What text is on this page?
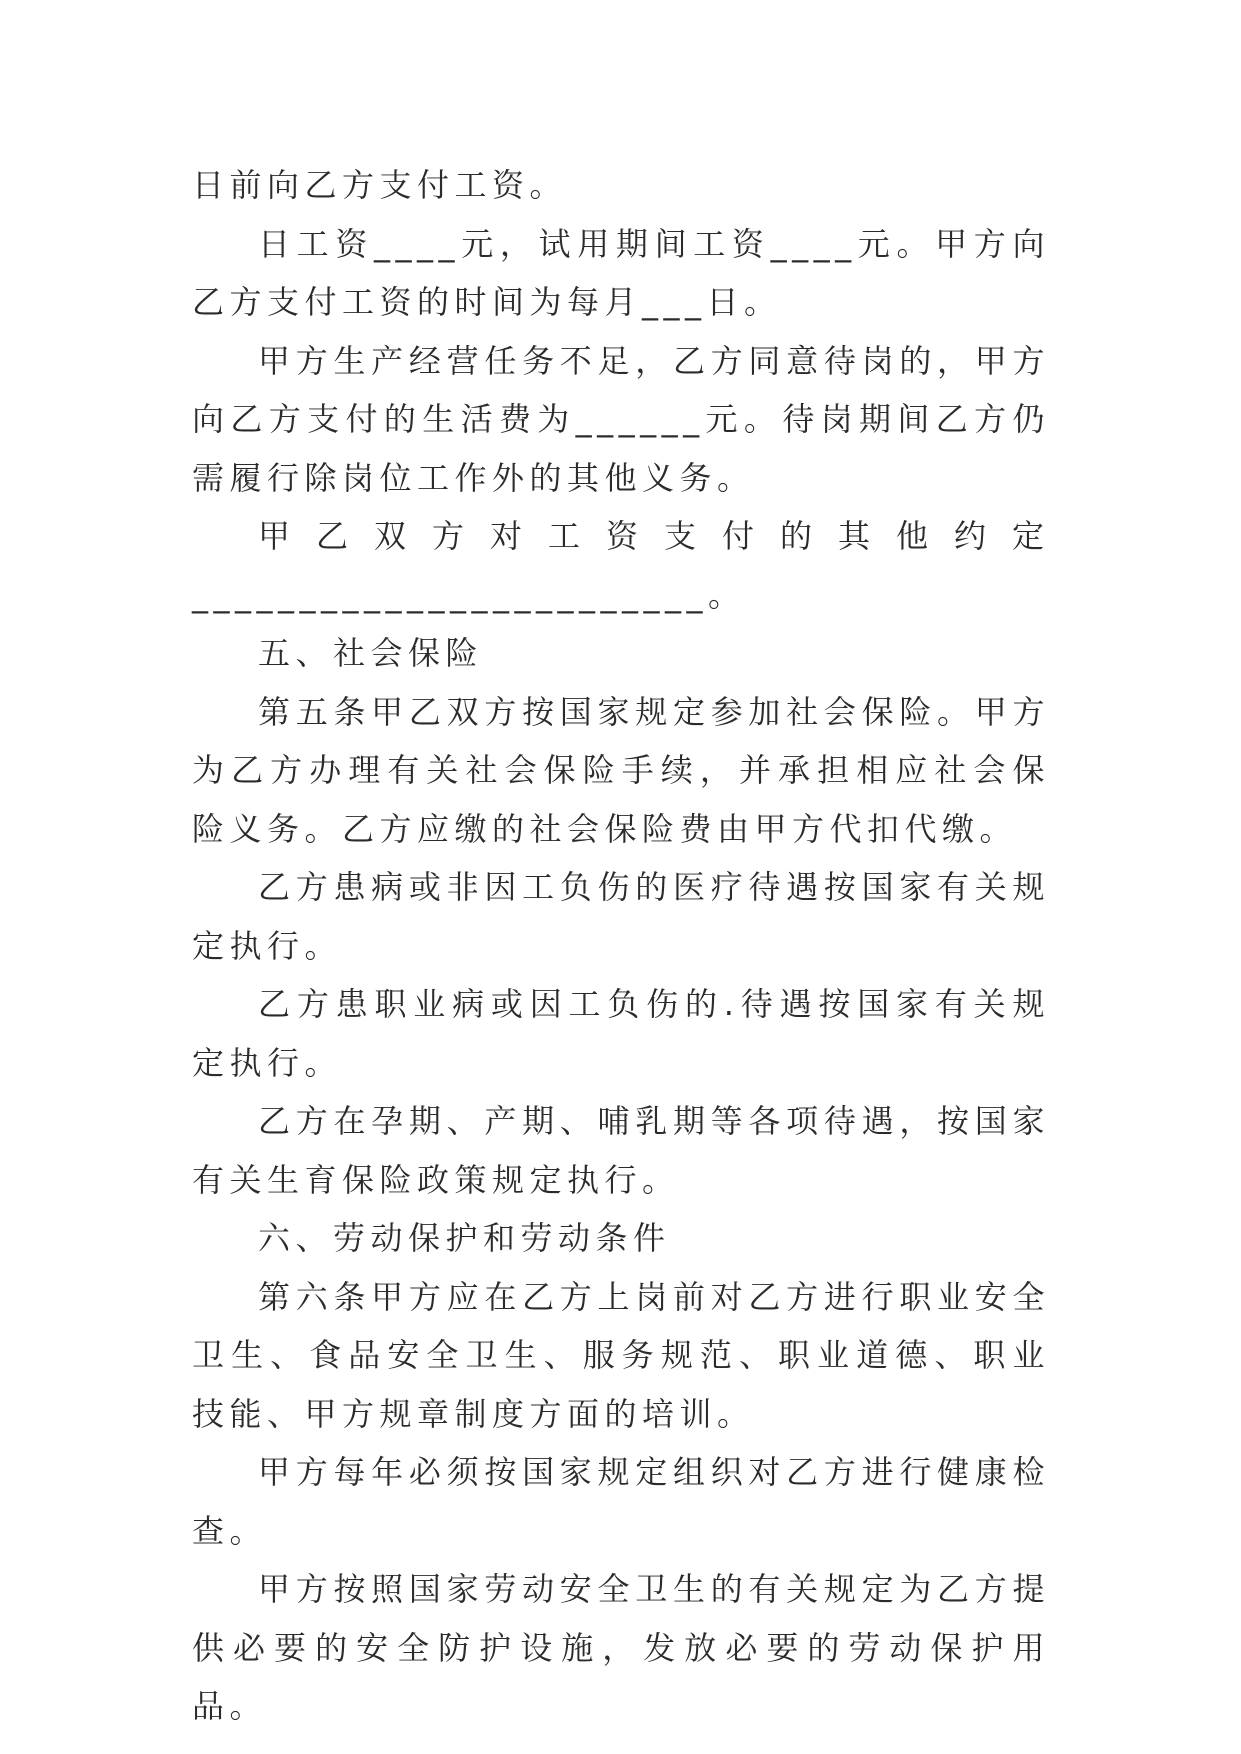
日前向乙方支付工资。

日工资____元，试用期间工资____元。甲方向乙方支付工资的时间为每月___日。

甲方生产经营任务不足，乙方同意待岗的，甲方向乙方支付的生活费为______元。待岗期间乙方仍需履行除岗位工作外的其他义务。

甲乙双方对工资支付的其他约定

________________________。

五、社会保险

第五条甲乙双方按国家规定参加社会保险。甲方为乙方办理有关社会保险手续，并承担相应社会保险义务。乙方应缴的社会保险费由甲方代扣代缴。

乙方患病或非因工负伤的医疗待遇按国家有关规定执行。

乙方患职业病或因工负伤的.待遇按国家有关规定执行。

乙方在孕期、产期、哺乳期等各项待遇，按国家有关生育保险政策规定执行。

六、劳动保护和劳动条件

第六条甲方应在乙方上岗前对乙方进行职业安全卫生、食品安全卫生、服务规范、职业道德、职业技能、甲方规章制度方面的培训。

甲方每年必须按国家规定组织对乙方进行健康检查。

甲方按照国家劳动安全卫生的有关规定为乙方提供必要的安全防护设施，发放必要的劳动保护用品。
